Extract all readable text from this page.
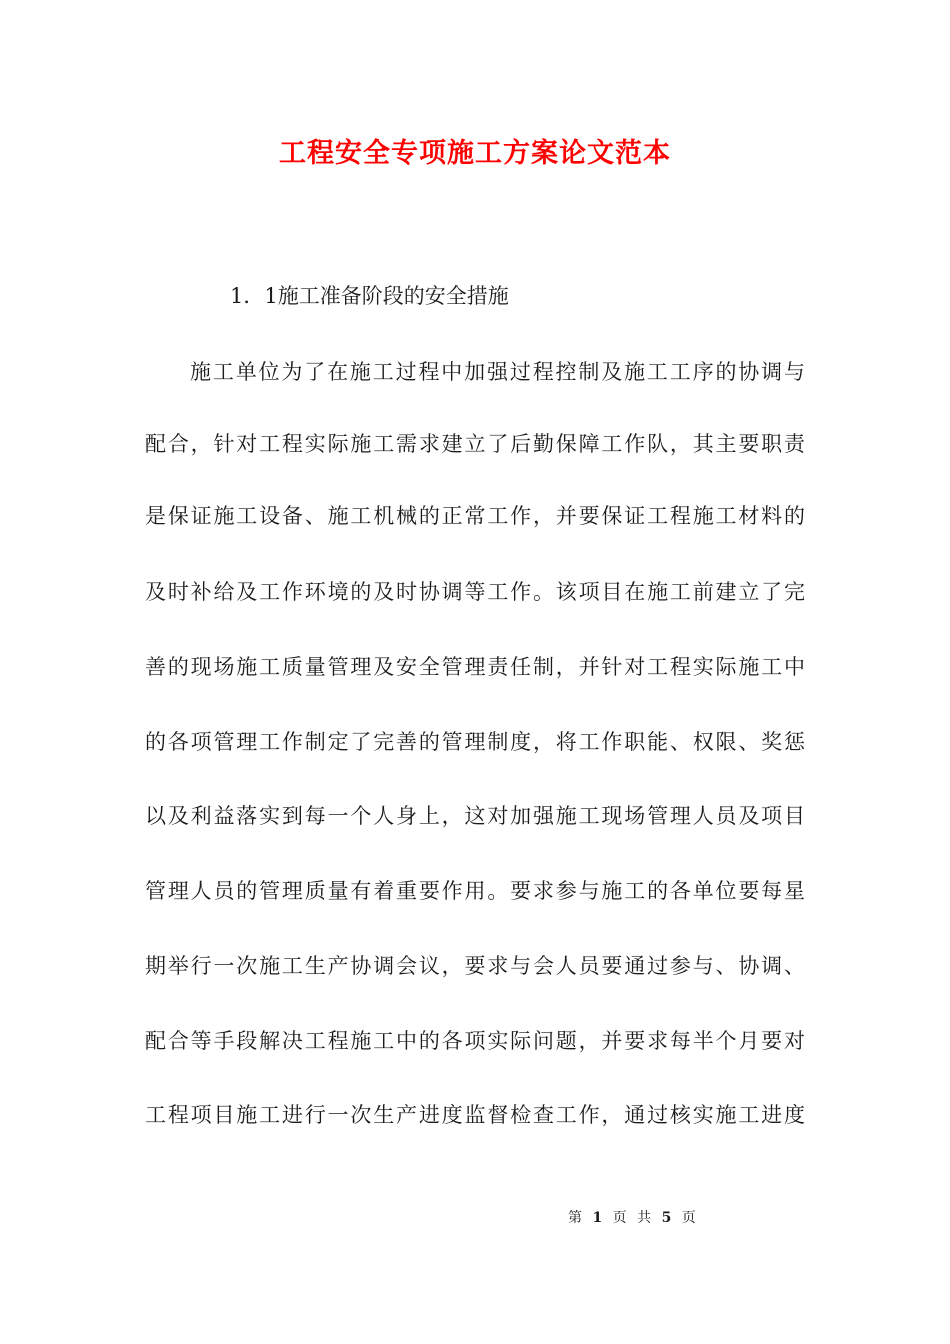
工程安全专项施工方案论文范本
1．1施工准备阶段的安全措施
施工单位为了在施工过程中加强过程控制及施工工序的协调与
配合，针对工程实际施工需求建立了后勤保障工作队，其主要职责
是保证施工设备、施工机械的正常工作，并要保证工程施工材料的
及时补给及工作环境的及时协调等工作。该项目在施工前建立了完
善的现场施工质量管理及安全管理责任制，并针对工程实际施工中
的各项管理工作制定了完善的管理制度，将工作职能、权限、奖惩
以及利益落实到每一个人身上，这对加强施工现场管理人员及项目
管理人员的管理质量有着重要作用。要求参与施工的各单位要每星
期举行一次施工生产协调会议，要求与会人员要通过参与、协调、
配合等手段解决工程施工中的各项实际问题，并要求每半个月要对
工程项目施工进行一次生产进度监督检查工作，通过核实施工进度
第 1 页 共 5 页
